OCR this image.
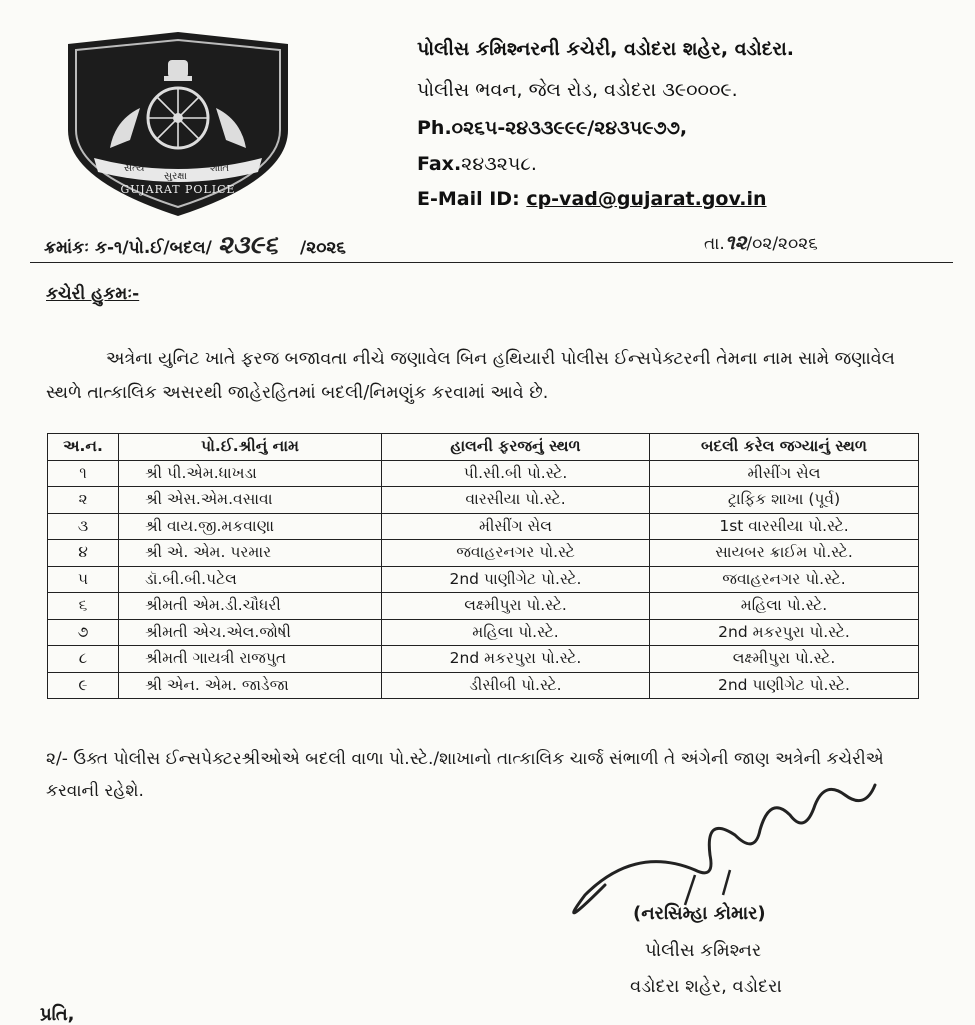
સત્ય
સુરક્ષા
શાંતિ
GUJARAT POLICE
પોલીસ કમિશ્નરની કચેરી, વડોદરા શહેર, વડોદરા.
પોલીસ ભવન, જેલ રોડ, વડોદરા ૩૯૦૦૦૯.
Ph.૦૨૬૫-૨૪૩૩૯૯૯/૨૪૩૫૯૭૭,
Fax.૨૪૩૨૫૮.
E-Mail ID: cp-vad@gujarat.gov.in
ક્રમાંકઃ ક-૧/પો.ઈ/બદલ/ ૨૩૯૬ /૨૦૨૬	તા.૧૨/૦૨/૨૦૨૬
કચેરી હુકમઃ-
અત્રેના યુનિટ ખાતે ફરજ બજાવતા નીચે જણાવેલ બિન હથિયારી પોલીસ ઈન્સપેક્ટરની તેમના નામ સામે જણાવેલ સ્થળે તાત્કાલિક અસરથી જાહેરહિતમાં બદલી/નિમણુંક કરવામાં આવે છે.
અ.ન.	પો.ઈ.શ્રીનું નામ	હાલની ફરજનું સ્થળ	બદલી કરેલ જગ્યાનું સ્થળ
૧	શ્રી પી.એમ.ધાખડા	પી.સી.બી પો.સ્ટે.	મીસીંગ સેલ
૨	શ્રી એસ.એમ.વસાવા	વારસીયા પો.સ્ટે.	ટ્રાફિક શાખા (પૂર્વ)
૩	શ્રી વાય.જી.મકવાણા	મીસીંગ સેલ	1st વારસીયા પો.સ્ટે.
૪	શ્રી એ. એમ. પરમાર	જવાહરનગર પો.સ્ટે	સાયબર ક્રાઈમ પો.સ્ટે.
૫	ડૉ.બી.બી.પટેલ	2nd પાણીગેટ પો.સ્ટે.	જવાહરનગર પો.સ્ટે.
૬	શ્રીમતી એમ.ડી.ચૌધરી	લક્ષ્મીપુરા પો.સ્ટે.	મહિલા પો.સ્ટે.
૭	શ્રીમતી એચ.એલ.જોષી	મહિલા પો.સ્ટે.	2nd મકરપુરા પો.સ્ટે.
૮	શ્રીમતી ગાયત્રી રાજપુત	2nd મકરપુરા પો.સ્ટે.	લક્ષ્મીપુરા પો.સ્ટે.
૯	શ્રી એન. એમ. જાડેજા	ડીસીબી પો.સ્ટે.	2nd પાણીગેટ પો.સ્ટે.
૨/- ઉક્ત પોલીસ ઈન્સપેક્ટરશ્રીઓએ બદલી વાળા પો.સ્ટે./શાખાનો તાત્કાલિક ચાર્જ સંભાળી તે અંગેની જાણ અત્રેની કચેરીએ કરવાની રહેશે.
(નરસિમ્હા કોમાર)
પોલીસ કમિશ્નર
વડોદરા શહેર, વડોદરા
પ્રતિ,
